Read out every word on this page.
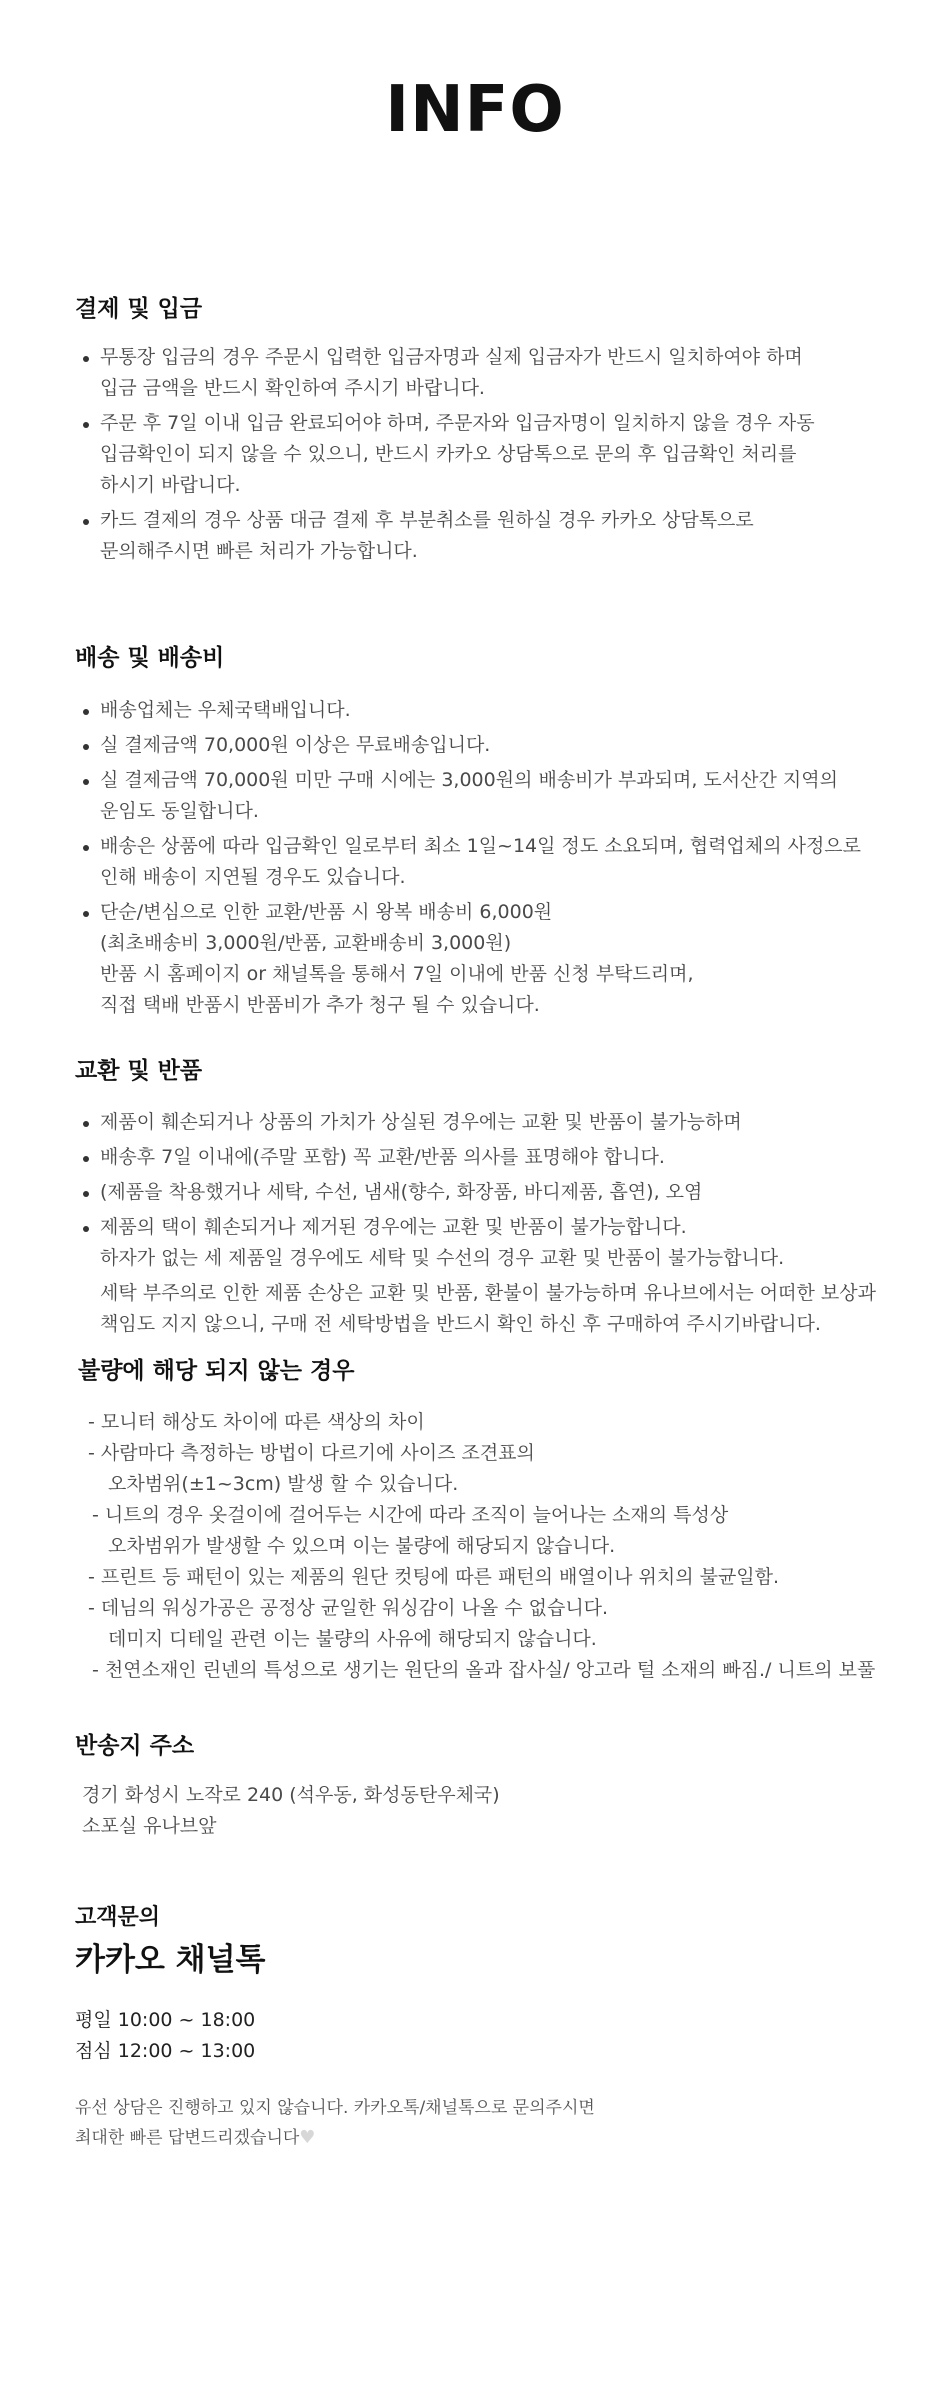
INFO
결제 및 입금
무통장 입금의 경우 주문시 입력한 입금자명과 실제 입금자가 반드시 일치하여야 하며
입금 금액을 반드시 확인하여 주시기 바랍니다.
주문 후 7일 이내 입금 완료되어야 하며, 주문자와 입금자명이 일치하지 않을 경우 자동
입금확인이 되지 않을 수 있으니, 반드시 카카오 상담톡으로 문의 후 입금확인 처리를
하시기 바랍니다.
카드 결제의 경우 상품 대금 결제 후 부분취소를 원하실 경우 카카오 상담톡으로
문의해주시면 빠른 처리가 가능합니다.
배송 및 배송비
배송업체는 우체국택배입니다.
실 결제금액 70,000원 이상은 무료배송입니다.
실 결제금액 70,000원 미만 구매 시에는 3,000원의 배송비가 부과되며, 도서산간 지역의
운임도 동일합니다.
배송은 상품에 따라 입금확인 일로부터 최소 1일~14일 정도 소요되며, 협력업체의 사정으로
인해 배송이 지연될 경우도 있습니다.
단순/변심으로 인한 교환/반품 시 왕복 배송비 6,000원
(최초배송비 3,000원/반품, 교환배송비 3,000원)
반품 시 홈페이지 or 채널톡을 통해서 7일 이내에 반품 신청 부탁드리며,
직접 택배 반품시 반품비가 추가 청구 될 수 있습니다.
교환 및 반품
제품이 훼손되거나 상품의 가치가 상실된 경우에는 교환 및 반품이 불가능하며
배송후 7일 이내에(주말 포함) 꼭 교환/반품 의사를 표명해야 합니다.
(제품을 착용했거나 세탁, 수선, 냄새(향수, 화장품, 바디제품, 흡연), 오염
제품의 택이 훼손되거나 제거된 경우에는 교환 및 반품이 불가능합니다.
하자가 없는 세 제품일 경우에도 세탁 및 수선의 경우 교환 및 반품이 불가능합니다.
세탁 부주의로 인한 제품 손상은 교환 및 반품, 환불이 불가능하며 유나브에서는 어떠한 보상과
책임도 지지 않으니, 구매 전 세탁방법을 반드시 확인 하신 후 구매하여 주시기바랍니다.
불량에 해당 되지 않는 경우
- 모니터 해상도 차이에 따른 색상의 차이
- 사람마다 측정하는 방법이 다르기에 사이즈 조견표의
오차범위(±1~3cm) 발생 할 수 있습니다.
- 니트의 경우 옷걸이에 걸어두는 시간에 따라 조직이 늘어나는 소재의 특성상
오차범위가 발생할 수 있으며 이는 불량에 해당되지 않습니다.
- 프린트 등 패턴이 있는 제품의 원단 컷팅에 따른 패턴의 배열이나 위치의 불균일함.
- 데님의 워싱가공은 공정상 균일한 워싱감이 나올 수 없습니다.
데미지 디테일 관련 이는 불량의 사유에 해당되지 않습니다.
- 천연소재인 린넨의 특성으로 생기는 원단의 올과 잡사실/ 앙고라 털 소재의 빠짐./ 니트의 보풀
반송지 주소
경기 화성시 노작로 240 (석우동, 화성동탄우체국)
소포실 유나브앞
고객문의
카카오 채널톡
평일 10:00 ~ 18:00
점심 12:00 ~ 13:00
유선 상담은 진행하고 있지 않습니다. 카카오톡/채널톡으로 문의주시면
최대한 빠른 답변드리겠습니다♥
